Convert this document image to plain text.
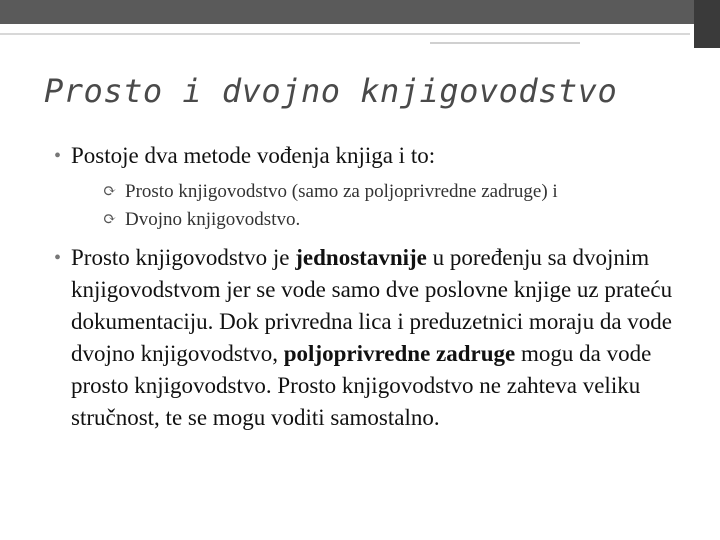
Prosto i dvojno knjigovodstvo
• Postoje dva metode vođenja knjiga i to:
⟳ Prosto knjigovodstvo (samo za poljoprivredne zadruge) i
⟳ Dvojno knjigovodstvo.
• Prosto knjigovodstvo je jednostavnije u poređenju sa dvojnim knjigovodstvom jer se vode samo dve poslovne knjige uz prateću dokumentaciju. Dok privredna lica i preduzetnici moraju da vode dvojno knjigovodstvo, poljoprivredne zadruge mogu da vode prosto knjigovodstvo. Prosto knjigovodstvo ne zahteva veliku stručnost, te se mogu voditi samostalno.
